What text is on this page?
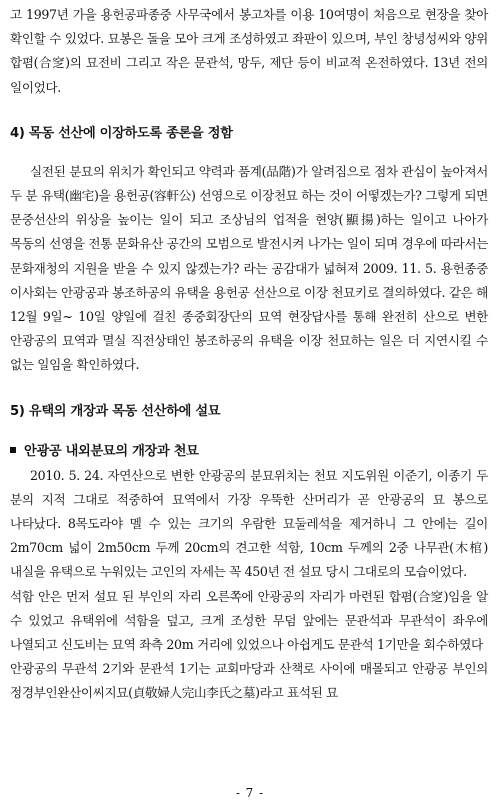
고 1997년 가을 용헌공파종중 사무국에서 봉고차를 이용 10여명이 처음으로 현장을 찾아 확인할 수 있었다. 묘봉은 돌을 모아 크게 조성하였고 좌판이 있으며, 부인 창녕성씨와 양위 합폄(合窆)의 묘전비 그리고 작은 문관석, 망두, 제단 등이 비교적 온전하였다. 13년 전의 일이었다.

4) 목동 선산에 이장하도록 종론을 정함

실전된 분묘의 위치가 확인되고 약력과 품계(品階)가 알려짐으로 점차 관심이 높아져서 두 분 유택(幽宅)을 용헌공(容軒公) 선영으로 이장천묘 하는 것이 어떻겠는가? 그렇게 되면 문중선산의 위상을 높이는 일이 되고 조상님의 업적을 현양(顯揚)하는 일이고 나아가 목동의 선영을 전통 문화유산 공간의 모범으로 발전시켜 나가는 일이 되며 경우에 따라서는 문화재청의 지원을 받을 수 있지 않겠는가? 라는 공감대가 넓혀져 2009. 11. 5. 용헌종중 이사회는 안광공과 봉조하공의 유택을 용헌공 선산으로 이장 천묘키로 결의하였다. 같은 해 12월 9일~ 10일 양일에 걸친 종중회장단의 묘역 현장답사를 통해 완전히 산으로 변한 안광공의 묘역과 멸실 직전상태인 봉조하공의 유택을 이장 천묘하는 일은 더 지연시킬 수 없는 일임을 확인하였다.

5) 유택의 개장과 목동 선산하에 설묘

안광공 내외분묘의 개장과 천묘

2010. 5. 24. 자연산으로 변한 안광공의 분묘위치는 천묘 지도위원 이준기, 이종기 두 분의 지적 그대로 적중하여 묘역에서 가장 우뚝한 산머리가 곧 안광공의 묘 봉으로 나타났다. 8목도라야 멜 수 있는 크기의 우람한 묘둘레석을 제거하니 그 안에는 길이 2m70cm 넓이 2m50cm 두께 20cm의 견고한 석함, 10cm 두께의 2중 나무관(木棺) 내실을 유택으로 누워있는 고인의 자세는 꼭 450년 전 설묘 당시 그대로의 모습이었다.

석함 안은 먼저 설묘 된 부인의 자리 오른쪽에 안광공의 자리가 마련된 합폄(合窆)임을 알 수 있었고 유택위에 석함을 덮고, 크게 조성한 무덤 앞에는 문관석과 무관석이 좌우에 나열되고 신도비는 묘역 좌측 20m 거리에 있었으나 아쉽게도 문관석 1기만을 회수하였다

안광공의 무관석 2기와 문관석 1기는 교회마당과 산책로 사이에 매몰되고 안광공 부인의 정경부인완산이씨지묘(貞敬婦人完山李氏之墓)라고 표석된 묘

- 7 -
